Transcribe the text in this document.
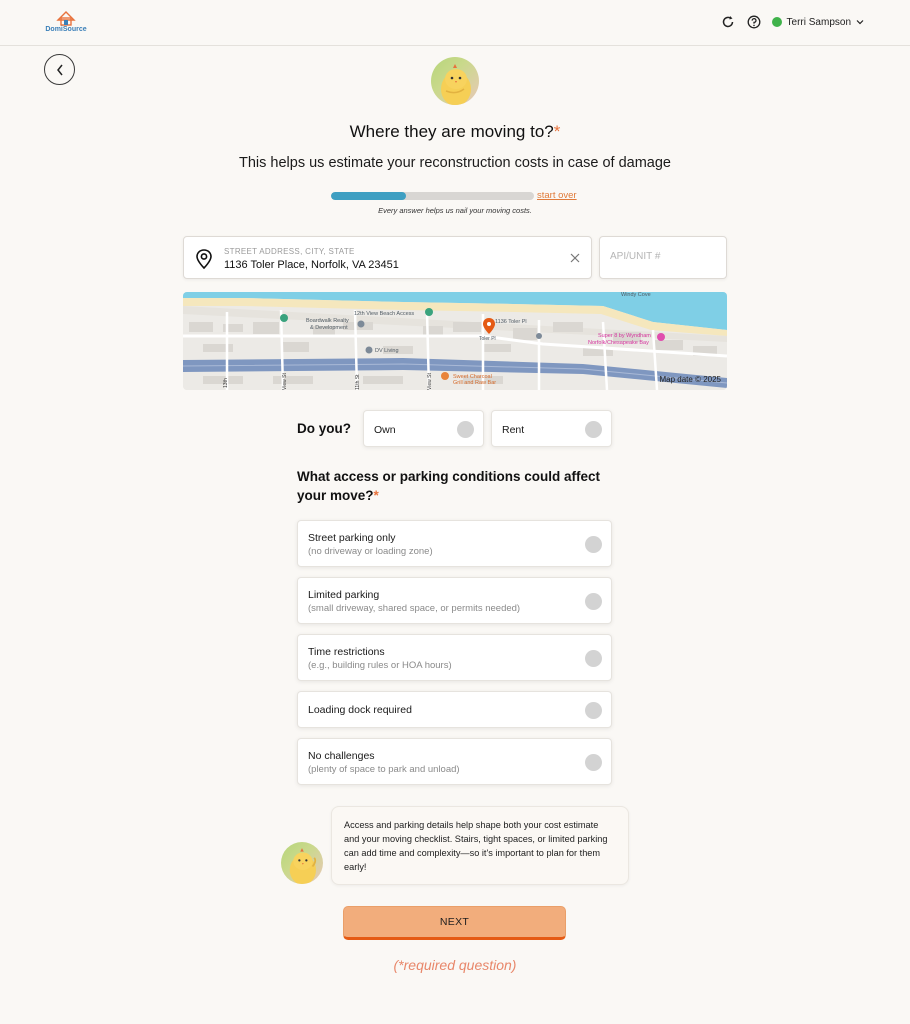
DomiSource
Terri Sampson
Where they are moving to?*
This helps us estimate your reconstruction costs in case of damage
start over
Every answer helps us nail your moving costs.
STREET ADDRESS, CITY, STATE
1136 Toler Place, Norfolk, VA 23451
API/UNIT #
Boardwalk Realty
& Development
12th View Beach Access
1136 Toler Pl
Toler Pl
DV Living
Super 8 by Wyndham
Norfolk/Chesapeake Bay
Sweet Charcoal
Grill and Raw Bar
Windy Cove
13th	View St	11th St	View St	Map date © 2025
Do you? Own	Rent
What access or parking conditions could affect your move?*
Street parking only
(no driveway or loading zone)
Limited parking
(small driveway, shared space, or permits needed)
Time restrictions
(e.g., building rules or HOA hours)
Loading dock required
No challenges
(plenty of space to park and unload)
Access and parking details help shape both your cost estimate and your moving checklist. Stairs, tight spaces, or limited parking can add time and complexity—so it's important to plan for them early!
NEXT
(*required question)
